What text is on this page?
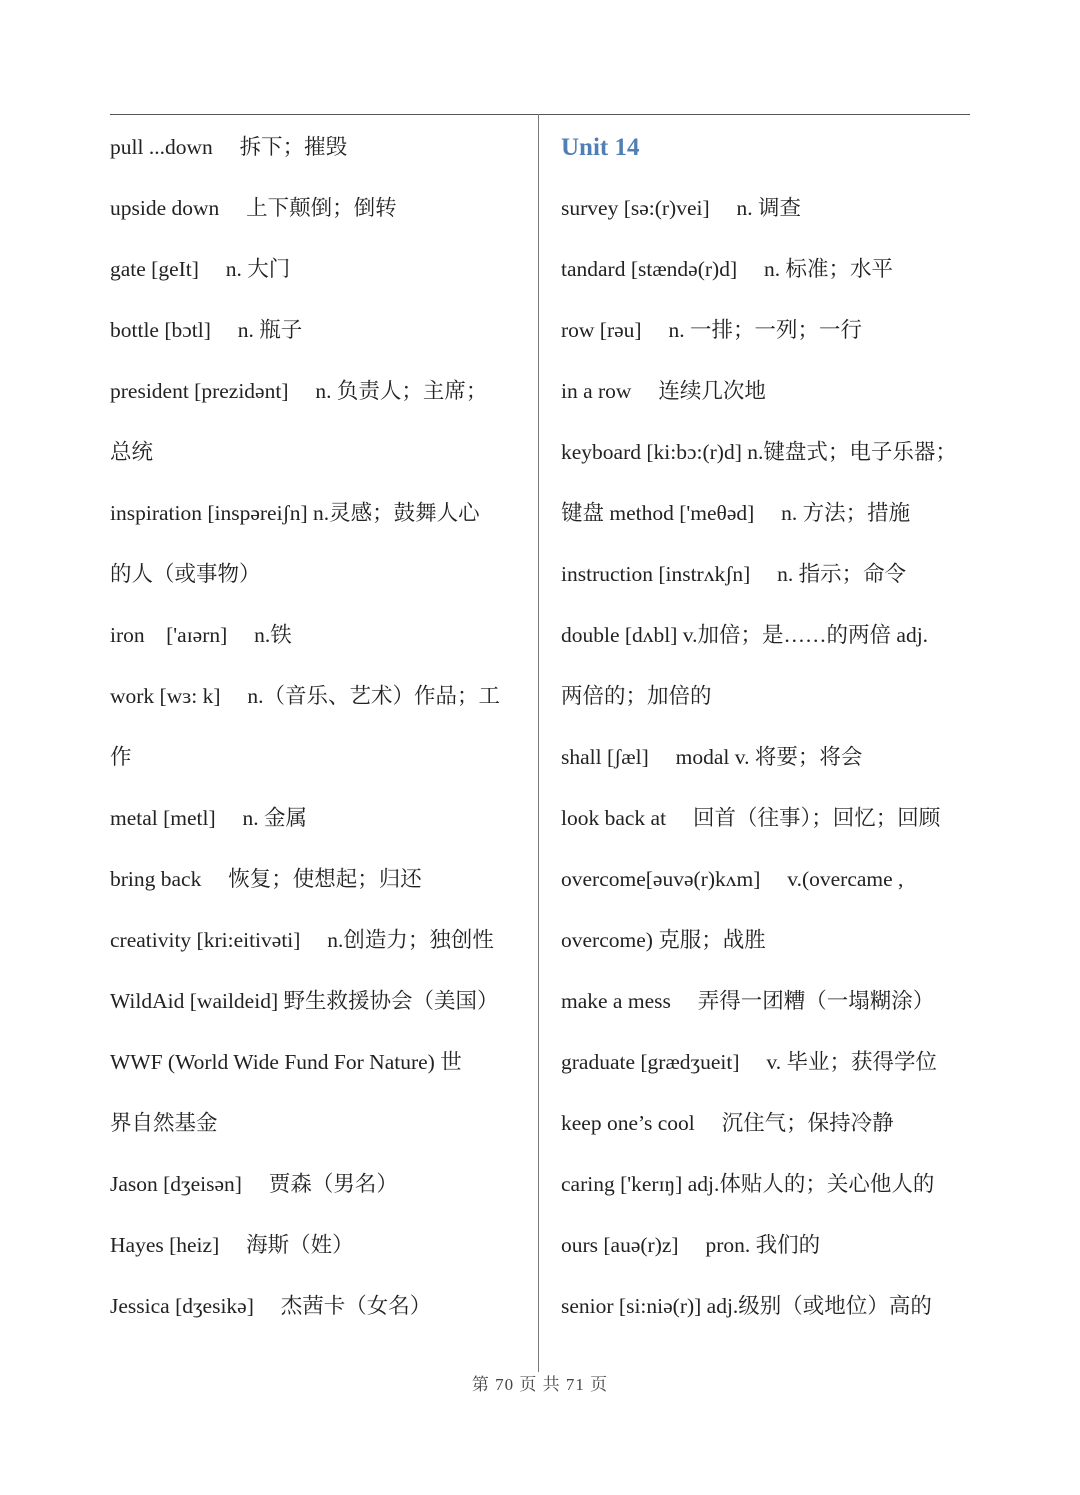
pull ...down　 拆下；摧毁
upside down　 上下颠倒；倒转
gate [geIt]　 n. 大门
bottle [bɔtl]　 n. 瓶子
president [prezidənt]　 n. 负责人；主席；
总统
inspiration [inspəreiʃn] n.灵感；鼓舞人心
的人（或事物）
iron　['aɪərn]　 n.铁
work [wɜ: k]　 n.（音乐、艺术）作品；工
作
metal [metl]　 n. 金属
bring back　 恢复；使想起；归还
creativity [kri:eitivəti]　 n.创造力；独创性
WildAid [waildeid] 野生救援协会（美国）
WWF (World Wide Fund For Nature) 世
界自然基金
Jason [dʒeisən]　 贾森（男名）
Hayes [heiz]　 海斯（姓）
Jessica [dʒesikə]　 杰茜卡（女名）
Unit 14
survey [sə:(r)vei]　 n. 调查
tandard [stændə(r)d]　 n. 标准；水平
row [rəu]　 n. 一排；一列；一行
in a row　 连续几次地
keyboard [ki:bɔ:(r)d] n.键盘式；电子乐器；
键盘 method ['meθəd]　 n. 方法；措施
instruction [instrʌkʃn]　 n. 指示；命令
double [dʌbl] v.加倍；是……的两倍 adj.
两倍的；加倍的
shall [ʃæl]　 modal v. 将要；将会
look back at　 回首（往事）；回忆；回顾
overcome[əuvə(r)kʌm]　 v.(overcame ,
overcome) 克服；战胜
make a mess　 弄得一团糟（一塌糊涂）
graduate [grædʒueit]　 v. 毕业；获得学位
keep one’s cool　 沉住气；保持冷静
caring ['kerɪŋ] adj.体贴人的；关心他人的
ours [auə(r)z]　 pron. 我们的
senior [si:niə(r)] adj.级别（或地位）高的
第 70 页 共 71 页
